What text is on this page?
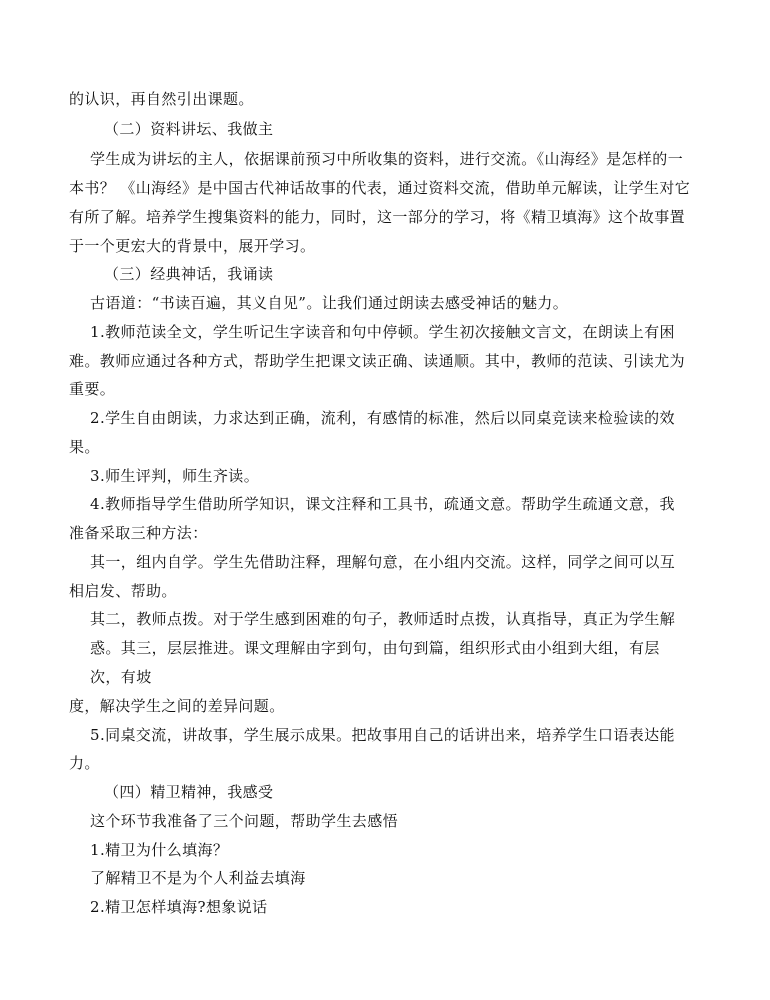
的认识，再自然引出课题。

（二）资料讲坛、我做主

学生成为讲坛的主人，依据课前预习中所收集的资料，进行交流。《山海经》是怎样的一

本书？ 《山海经》是中国古代神话故事的代表，通过资料交流，借助单元解读，让学生对它

有所了解。培养学生搜集资料的能力，同时，这一部分的学习，将《精卫填海》这个故事置

于一个更宏大的背景中，展开学习。

（三）经典神话，我诵读

古语道：“书读百遍，其义自见”。让我们通过朗读去感受神话的魅力。

1.教师范读全文，学生听记生字读音和句中停顿。学生初次接触文言文，在朗读上有困

难。教师应通过各种方式，帮助学生把课文读正确、读通顺。其中，教师的范读、引读尤为

重要。

2.学生自由朗读，力求达到正确，流利，有感情的标准，然后以同桌竞读来检验读的效

果。

3.师生评判，师生齐读。

4.教师指导学生借助所学知识，课文注释和工具书，疏通文意。帮助学生疏通文意，我

准备采取三种方法：

其一，组内自学。学生先借助注释，理解句意，在小组内交流。这样，同学之间可以互

相启发、帮助。

其二，教师点拨。对于学生感到困难的句子，教师适时点拨，认真指导，真正为学生解

惑。其三，层层推进。课文理解由字到句，由句到篇，组织形式由小组到大组，有层

次，有坡

度，解决学生之间的差异问题。

5.同桌交流，讲故事，学生展示成果。把故事用自己的话讲出来，培养学生口语表达能

力。

（四）精卫精神，我感受

这个环节我准备了三个问题，帮助学生去感悟

1.精卫为什么填海？

了解精卫不是为个人利益去填海

2.精卫怎样填海?想象说话
